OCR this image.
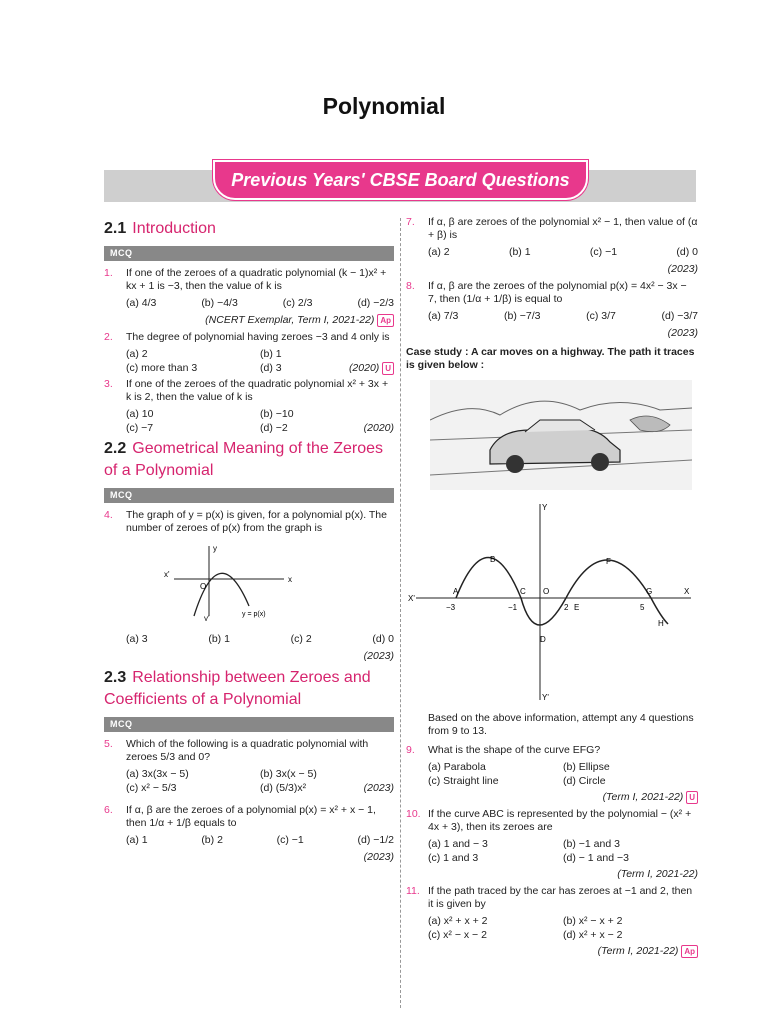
Polynomial
Previous Years' CBSE Board Questions
2.1 Introduction
MCQ
1.	If one of the zeroes of a quadratic polynomial (k − 1)x² + kx + 1 is −3, then the value of k is
(a) 4/3	(b) −4/3	(c) 2/3	(d) −2/3
(NCERT Exemplar, Term I, 2021-22) Ap
2.	The degree of polynomial having zeroes −3 and 4 only is
(a) 2	(b) 1
(c) more than 3	(d) 3	(2020) U
3.	If one of the zeroes of the quadratic polynomial x² + 3x + k is 2, then the value of k is
(a) 10	(b) −10
(c) −7	(d) −2	(2020)
2.2 Geometrical Meaning of the Zeroes of a Polynomial
MCQ
4.	The graph of y = p(x) is given, for a polynomial p(x). The number of zeroes of p(x) from the graph is
x'
x
y
y'
O
y = p(x)
(a) 3	(b) 1	(c) 2	(d) 0
(2023)
2.3 Relationship between Zeroes and Coefficients of a Polynomial
MCQ
5.	Which of the following is a quadratic polynomial with zeroes 5/3 and 0?
(a) 3x(3x − 5)	(b) 3x(x − 5)
(c) x² − 5/3	(d) (5/3)x²	(2023)
6.	If α, β are the zeroes of a polynomial p(x) = x² + x − 1, then 1/α + 1/β equals to
(a) 1	(b) 2	(c) −1	(d) −1/2
(2023)
7.	If α, β are zeroes of the polynomial x² − 1, then value of (α + β) is
(a) 2	(b) 1	(c) −1	(d) 0
(2023)
8.	If α, β are the zeroes of the polynomial p(x) = 4x² − 3x − 7, then (1/α + 1/β) is equal to
(a) 7/3	(b) −7/3	(c) 3/7	(d) −3/7
(2023)
Case study : A car moves on a highway. The path it traces is given below :

Y
Y'
X
X'
A
B
C
D
E
F
G
H
O
−3	−1	2	5
Based on the above information, attempt any 4 questions from 9 to 13.
9.	What is the shape of the curve EFG?
(a) Parabola	(b) Ellipse
(c) Straight line	(d) Circle
(Term I, 2021-22) U
10. If the curve ABC is represented by the polynomial − (x² + 4x + 3), then its zeroes are
(a) 1 and − 3	(b) −1 and 3
(c) 1 and 3	(d) − 1 and −3
(Term I, 2021-22)
11. If the path traced by the car has zeroes at −1 and 2, then it is given by
(a) x² + x + 2	(b) x² − x + 2
(c) x² − x − 2	(d) x² + x − 2
(Term I, 2021-22) Ap
